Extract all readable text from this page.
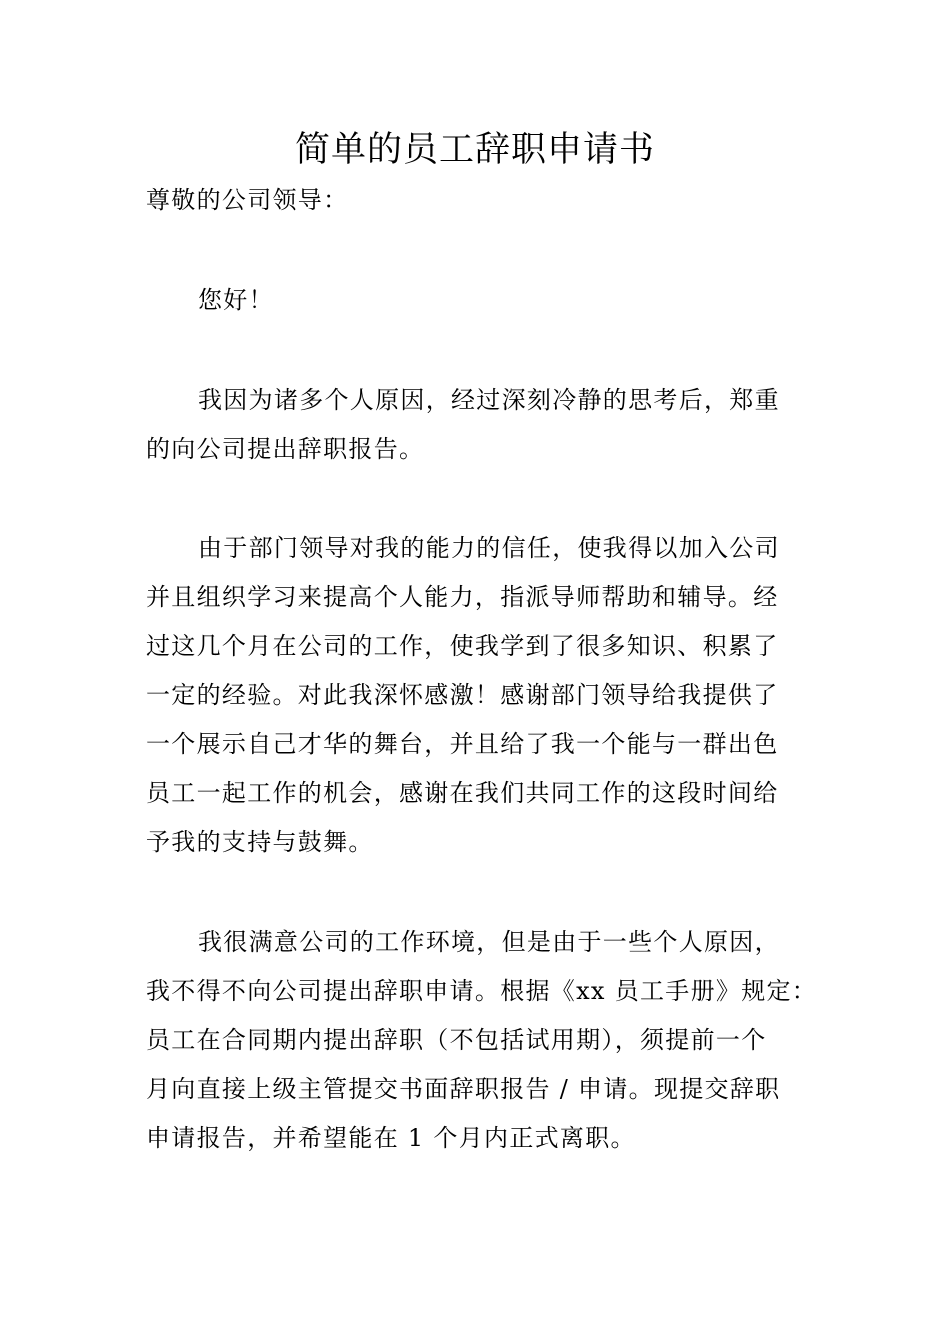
简单的员工辞职申请书

尊敬的公司领导：

您好！

我因为诸多个人原因，经过深刻冷静的思考后，郑重
的向公司提出辞职报告。

由于部门领导对我的能力的信任，使我得以加入公司
并且组织学习来提高个人能力，指派导师帮助和辅导。经
过这几个月在公司的工作，使我学到了很多知识、积累了
一定的经验。对此我深怀感激！感谢部门领导给我提供了
一个展示自己才华的舞台，并且给了我一个能与一群出色
员工一起工作的机会，感谢在我们共同工作的这段时间给
予我的支持与鼓舞。

我很满意公司的工作环境，但是由于一些个人原因，
我不得不向公司提出辞职申请。根据《xx 员工手册》规定：
员工在合同期内提出辞职（不包括试用期），须提前一个
月向直接上级主管提交书面辞职报告 / 申请。现提交辞职
申请报告，并希望能在 1 个月内正式离职。
